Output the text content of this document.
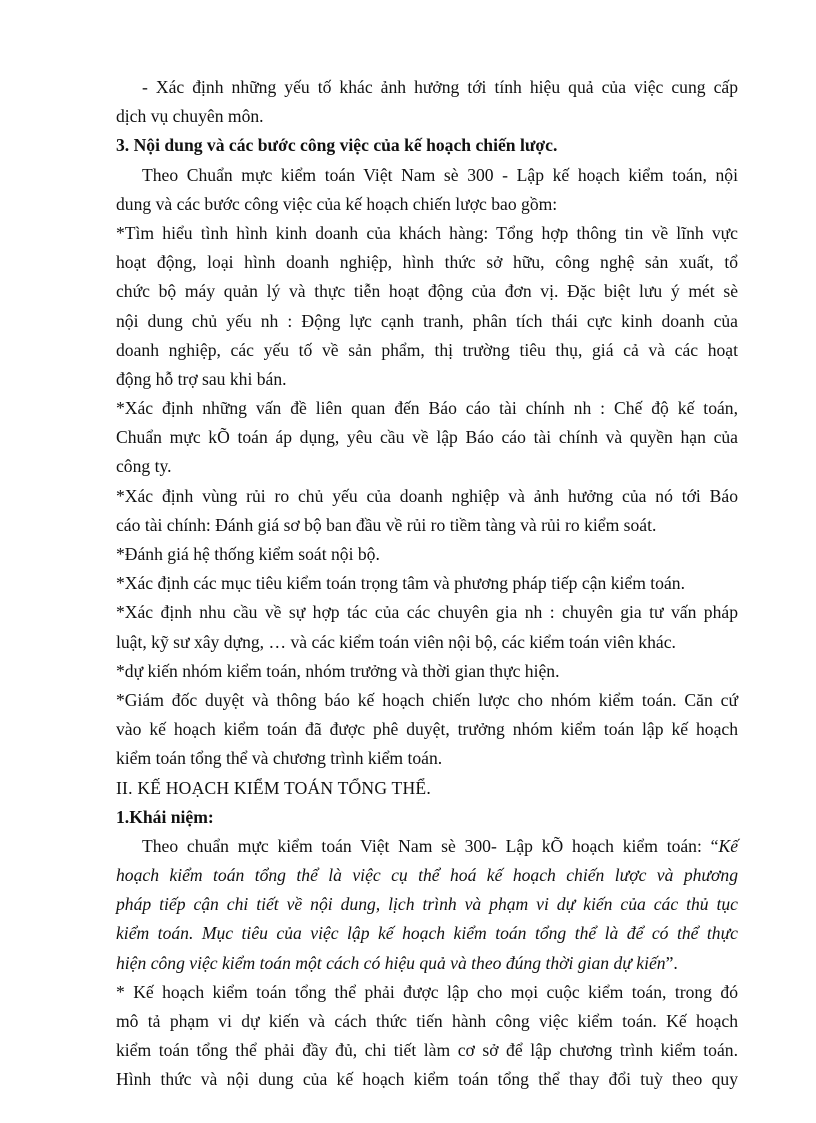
- Xác định những yếu tố khác ảnh hưởng tới tính hiệu quả của việc cung cấp
dịch vụ chuyên môn.
3. Nội dung và các bước công việc của kế hoạch chiến lược.
Theo Chuẩn mực kiểm toán Việt Nam sè 300 - Lập kế hoạch kiểm toán, nội
dung và các bước công việc của kế hoạch chiến lược bao gồm:
*Tìm hiểu tình hình kinh doanh của khách hàng: Tổng hợp thông tin về lĩnh vực
hoạt động, loại hình doanh nghiệp, hình thức sở hữu, công nghệ sản xuất, tổ
chức bộ máy quản lý và thực tiễn hoạt động của đơn vị. Đặc biệt lưu ý mét sè
nội dung chủ yếu nh : Động lực cạnh tranh, phân tích thái cực kinh doanh của
doanh nghiệp, các yếu tố về sản phẩm, thị trường tiêu thụ, giá cả và các hoạt
động hỗ trợ sau khi bán.
*Xác định những vấn đề liên quan đến Báo cáo tài chính nh : Chế độ kế toán,
Chuẩn mực kÕ toán áp dụng, yêu cầu về lập Báo cáo tài chính và quyền hạn của
công ty.
*Xác định vùng rủi ro chủ yếu của doanh nghiệp và ảnh hưởng của nó tới Báo
cáo tài chính: Đánh giá sơ bộ ban đầu về rủi ro tiềm tàng và rủi ro kiểm soát.
*Đánh giá hệ thống kiểm soát nội bộ.
*Xác định các mục tiêu kiểm toán trọng tâm và phương pháp tiếp cận kiểm toán.
*Xác định nhu cầu về sự hợp tác của các chuyên gia nh : chuyên gia tư vấn pháp
luật, kỹ sư xây dựng, … và các kiểm toán viên nội bộ, các kiểm toán viên khác.
*dự kiến nhóm kiểm toán, nhóm trưởng và thời gian thực hiện.
*Giám đốc duyệt và thông báo kế hoạch chiến lược cho nhóm kiểm toán. Căn cứ
vào kế hoạch kiểm toán đã được phê duyệt, trưởng nhóm kiểm toán lập kế hoạch
kiểm toán tổng thể và chương trình kiểm toán.
II. KẾ HOẠCH KIỂM TOÁN TỔNG THỂ.
1.Khái niệm:
Theo chuẩn mực kiểm toán Việt Nam sè 300- Lập kÕ hoạch kiểm toán: “Kế
hoạch kiểm toán tổng thể là việc cụ thể hoá kế hoạch chiến lược và phương
pháp tiếp cận chi tiết về nội dung, lịch trình và phạm vi dự kiến của các thủ tục
kiểm toán. Mục tiêu của việc lập kế hoạch kiểm toán tổng thể là để có thể thực
hiện công việc kiểm toán một cách có hiệu quả và theo đúng thời gian dự kiến”.
* Kế hoạch kiểm toán tổng thể phải được lập cho mọi cuộc kiểm toán, trong đó
mô tả phạm vi dự kiến và cách thức tiến hành công việc kiểm toán. Kế hoạch
kiểm toán tổng thể phải đầy đủ, chi tiết làm cơ sở để lập chương trình kiểm toán.
Hình thức và nội dung của kế hoạch kiểm toán tổng thể thay đổi tuỳ theo quy
